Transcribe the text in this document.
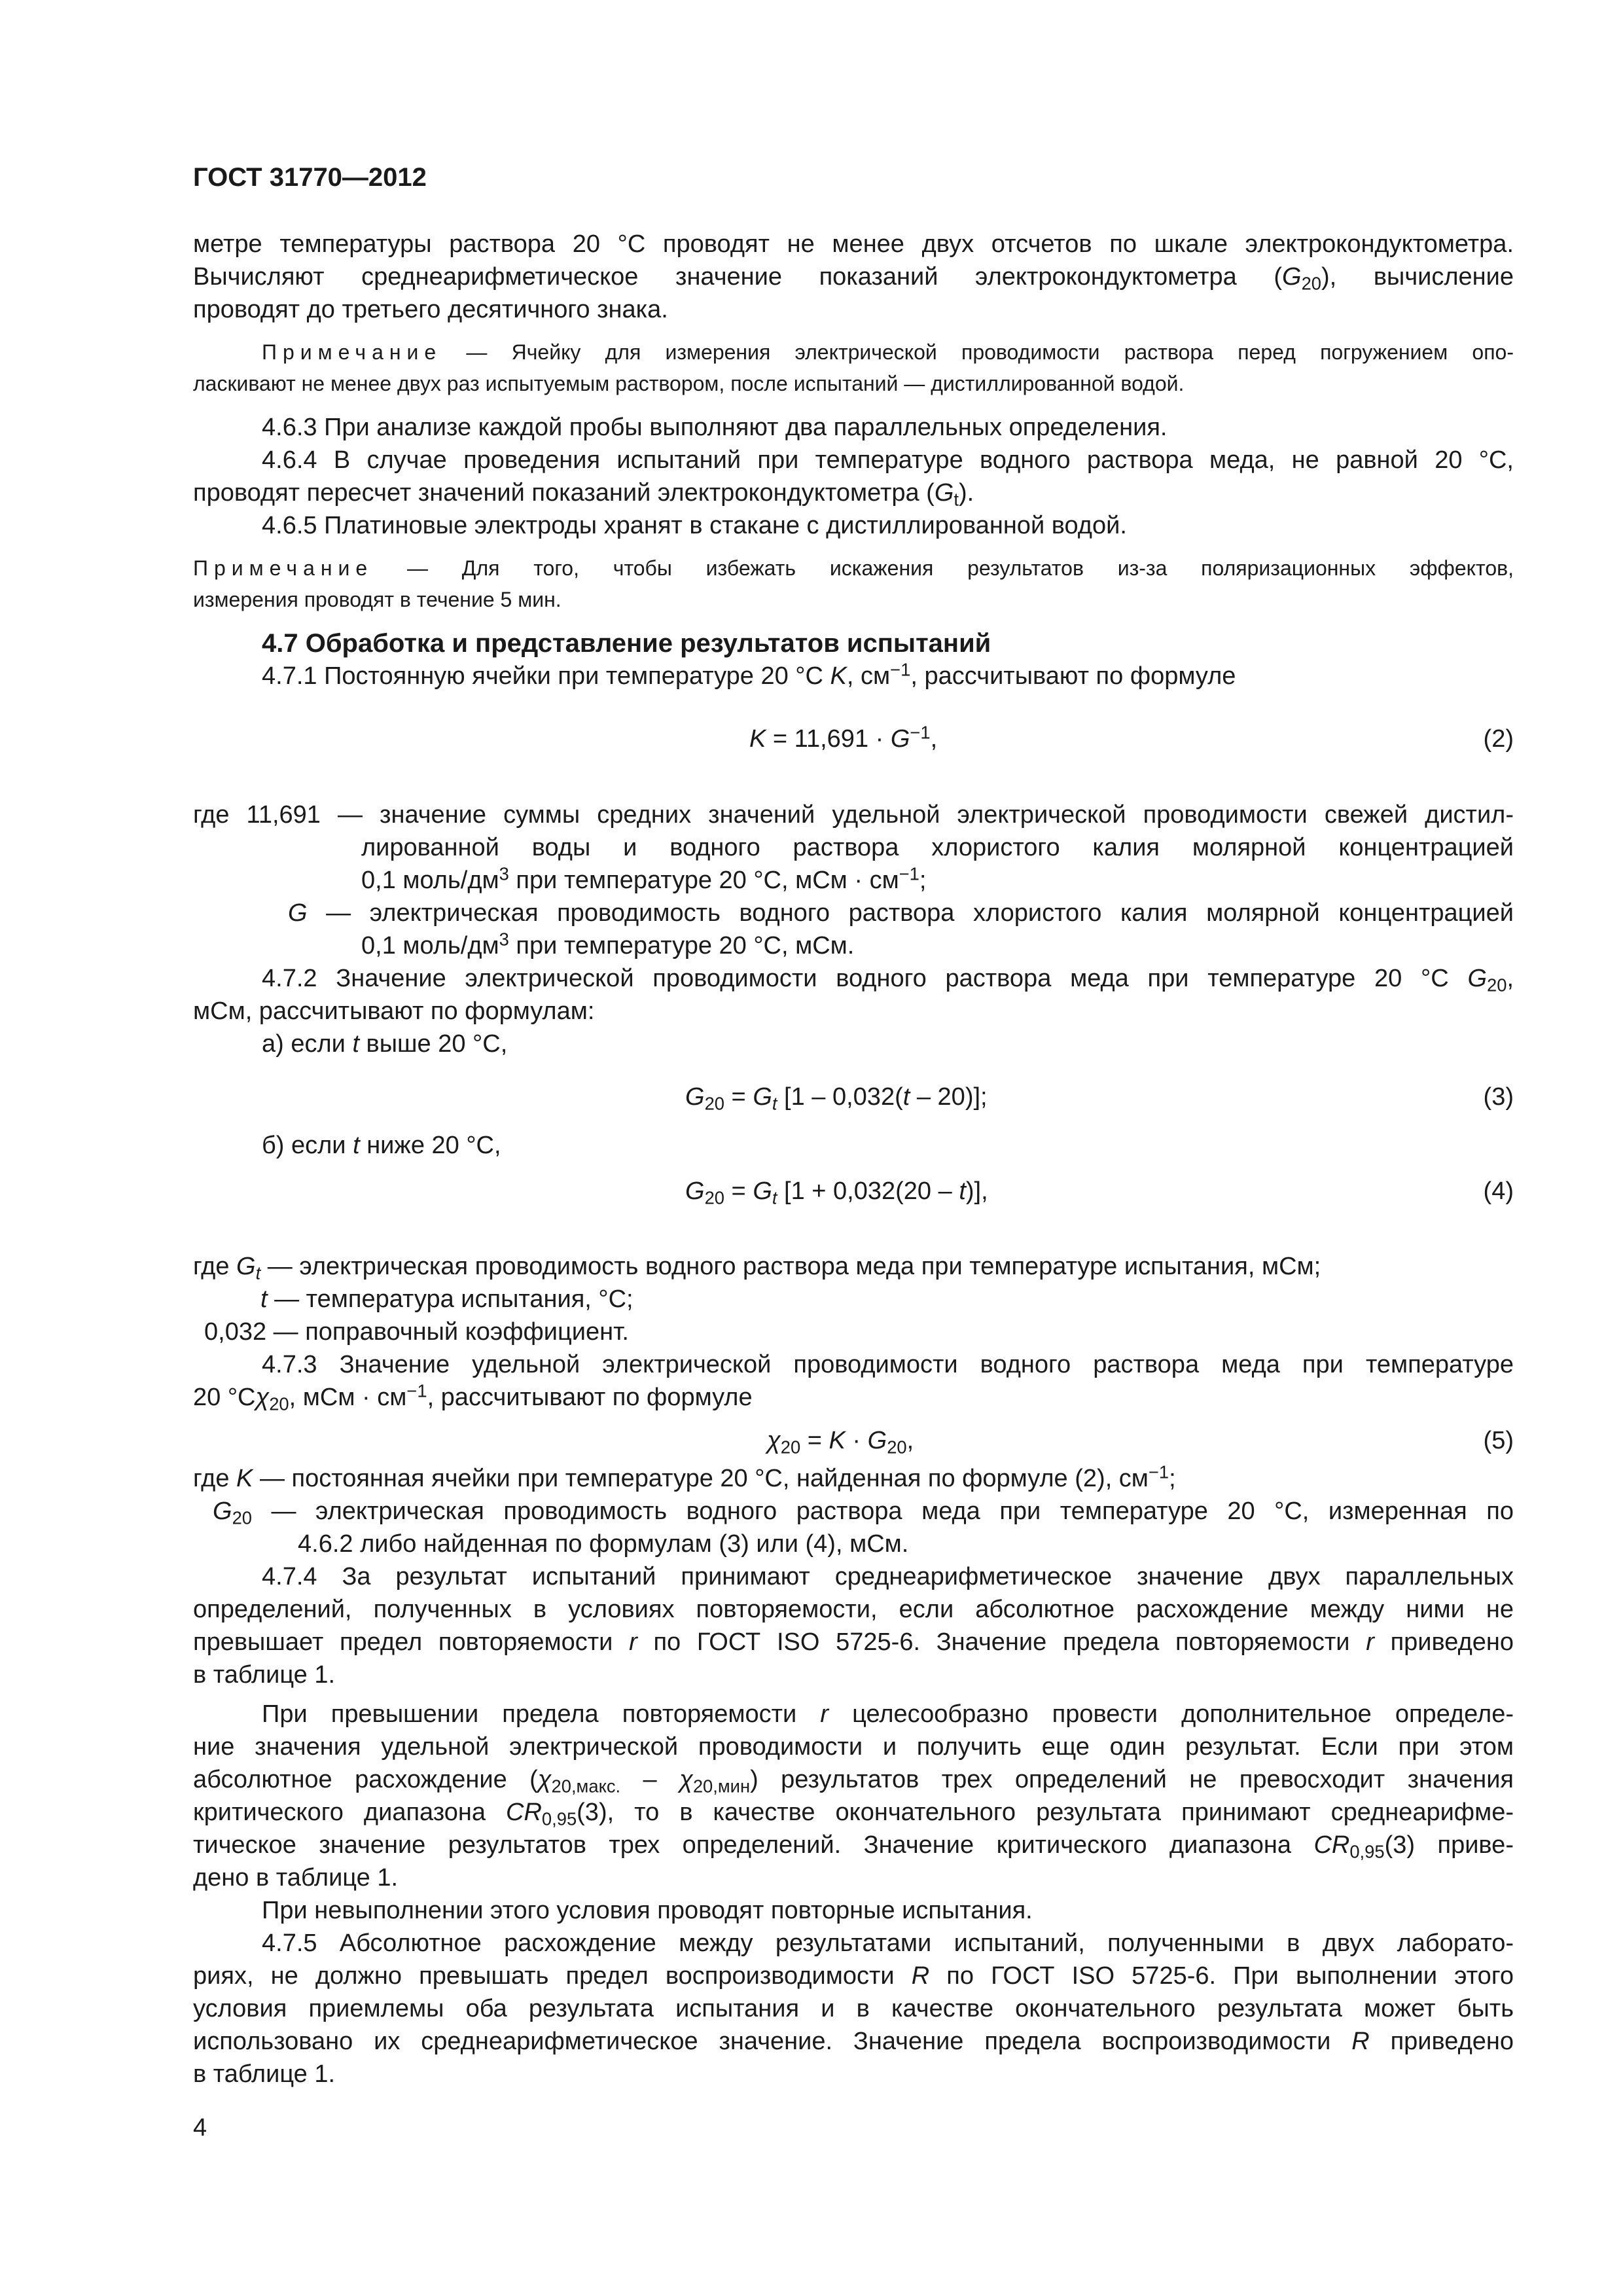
ГОСТ 31770—2012
метре температуры раствора 20 °С проводят не менее двух отсчетов по шкале электрокондуктометра.
Вычисляют среднеарифметическое значение показаний электрокондуктометра $(G_{20})$, вычисление
проводят до третьего десятичного знака.
Примечание — Ячейку для измерения электрической проводимости раствора перед погружением опо-
ласкивают не менее двух раз испытуемым раствором, после испытаний — дистиллированной водой.
4.6.3 При анализе каждой пробы выполняют два параллельных определения.
4.6.4 В случае проведения испытаний при температуре водного раствора меда, не равной 20 °С,
проводят пересчет значений показаний электрокондуктометра $(G_t)$.
4.6.5 Платиновые электроды хранят в стакане с дистиллированной водой.
Примечание — Для того, чтобы избежать искажения результатов из-за поляризационных эффектов,
измерения проводят в течение 5 мин.
4.7 Обработка и представление результатов испытаний
4.7.1 Постоянную ячейки при температуре 20 °С K, $см^{-1}$, рассчитывают по формуле
$K = 11,691 \cdot G^{-1}$,	(2)
где 11,691 — значение суммы средних значений удельной электрической проводимости свежей дистил-
лированной воды и водного раствора хлористого калия молярной концентрацией
0,1 моль/$дм^3$ при температуре 20 °С, мСм · $см^{-1}$;
G — электрическая проводимость водного раствора хлористого калия молярной концентрацией
0,1 моль/$дм^3$ при температуре 20 °С, мСм.
4.7.2 Значение электрической проводимости водного раствора меда при температуре 20 °С $G_{20}$,
мСм, рассчитывают по формулам:
а) если t выше 20 °С,
$G_{20} = G_t$ [1 – 0,032(t – 20)];	(3)
б) если t ниже 20 °С,
$G_{20} = G_t$ [1 + 0,032(20 – t)],	(4)
где $G_t$ — электрическая проводимость водного раствора меда при температуре испытания, мСм;
t — температура испытания, °С;
0,032 — поправочный коэффициент.
4.7.3 Значение удельной электрической проводимости водного раствора меда при температуре
20 $^\circ С\chi_{20}$, мСм · $см^{-1}$, рассчитывают по формуле
$\chi_{20} = K \cdot G_{20}$,	(5)
где K — постоянная ячейки при температуре 20 °С, найденная по формуле (2), $см^{-1}$;
$G_{20}$ — электрическая проводимость водного раствора меда при температуре 20 °С, измеренная по
4.6.2 либо найденная по формулам (3) или (4), мСм.
4.7.4 За результат испытаний принимают среднеарифметическое значение двух параллельных
определений, полученных в условиях повторяемости, если абсолютное расхождение между ними не
превышает предел повторяемости r по ГОСТ ISO 5725-6. Значение предела повторяемости r приведено
в таблице 1.
При превышении предела повторяемости r целесообразно провести дополнительное определе-
ние значения удельной электрической проводимости и получить еще один результат. Если при этом
абсолютное расхождение $(\chi_{20,макс.} - \chi_{20,мин})$ результатов трех определений не превосходит значения
критического диапазона $CR_{0,95}(3)$, то в качестве окончательного результата принимают среднеарифме-
тическое значение результатов трех определений. Значение критического диапазона $CR_{0,95}(3)$ приве-
дено в таблице 1.
При невыполнении этого условия проводят повторные испытания.
4.7.5 Абсолютное расхождение между результатами испытаний, полученными в двух лаборато-
риях, не должно превышать предел воспроизводимости R по ГОСТ ISO 5725-6. При выполнении этого
условия приемлемы оба результата испытания и в качестве окончательного результата может быть
использовано их среднеарифметическое значение. Значение предела воспроизводимости R приведено
в таблице 1.
4
